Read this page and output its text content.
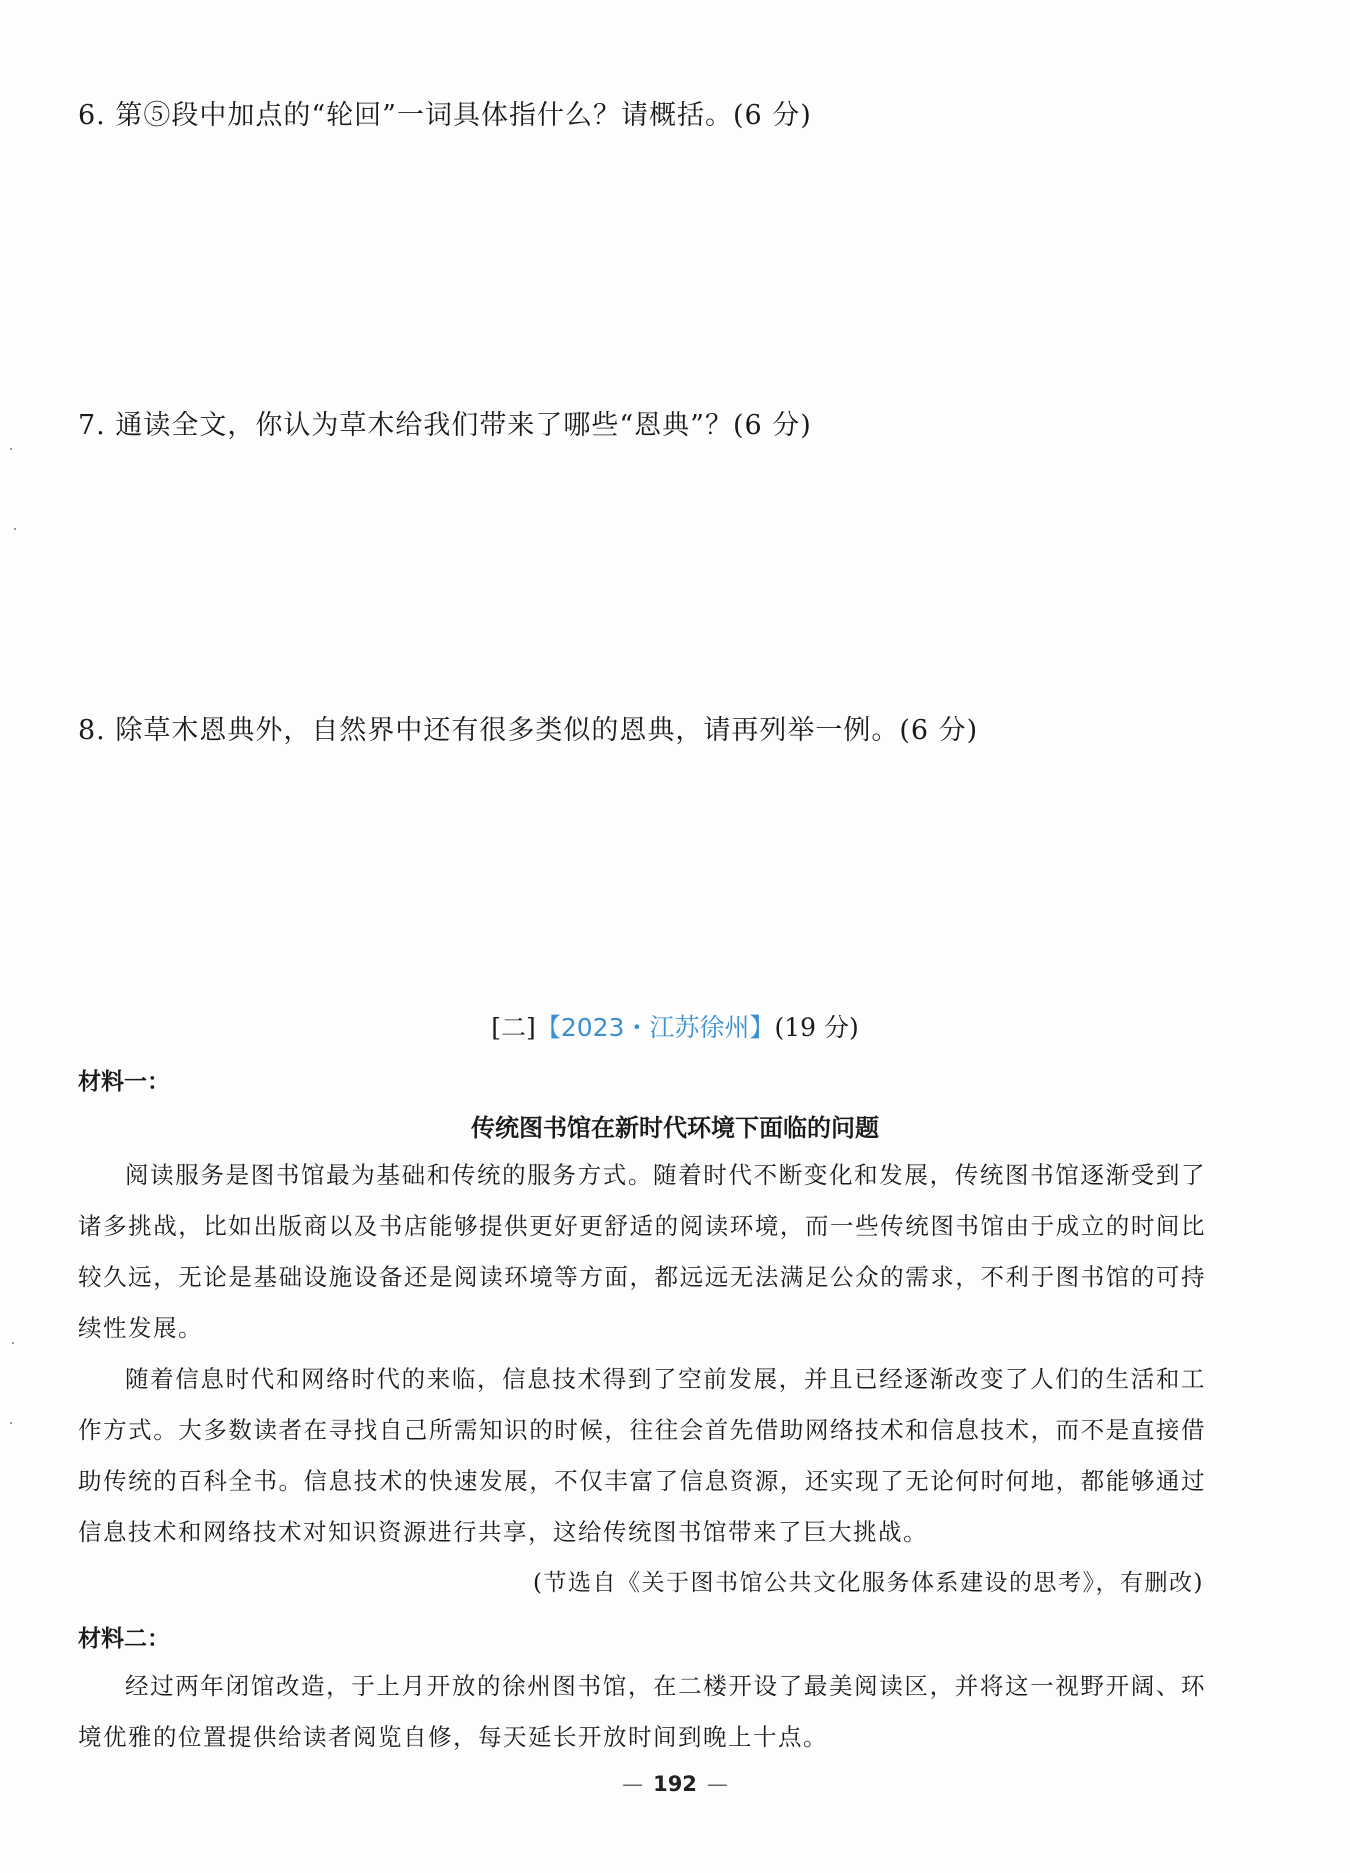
6. 第⑤段中加点的“轮回”一词具体指什么？请概括。(6 分)
7. 通读全文，你认为草木给我们带来了哪些“恩典”？(6 分)
8. 除草木恩典外，自然界中还有很多类似的恩典，请再列举一例。(6 分)
[二]【2023・江苏徐州】(19 分)
材料一：
传统图书馆在新时代环境下面临的问题
阅读服务是图书馆最为基础和传统的服务方式。随着时代不断变化和发展，传统图书馆逐渐受到了诸多挑战，比如出版商以及书店能够提供更好更舒适的阅读环境，而一些传统图书馆由于成立的时间比较久远，无论是基础设施设备还是阅读环境等方面，都远远无法满足公众的需求，不利于图书馆的可持续性发展。
随着信息时代和网络时代的来临，信息技术得到了空前发展，并且已经逐渐改变了人们的生活和工作方式。大多数读者在寻找自己所需知识的时候，往往会首先借助网络技术和信息技术，而不是直接借助传统的百科全书。信息技术的快速发展，不仅丰富了信息资源，还实现了无论何时何地，都能够通过信息技术和网络技术对知识资源进行共享，这给传统图书馆带来了巨大挑战。
(节选自《关于图书馆公共文化服务体系建设的思考》，有删改)
材料二：
经过两年闭馆改造，于上月开放的徐州图书馆，在二楼开设了最美阅读区，并将这一视野开阔、环境优雅的位置提供给读者阅览自修，每天延长开放时间到晚上十点。
— 192 —
